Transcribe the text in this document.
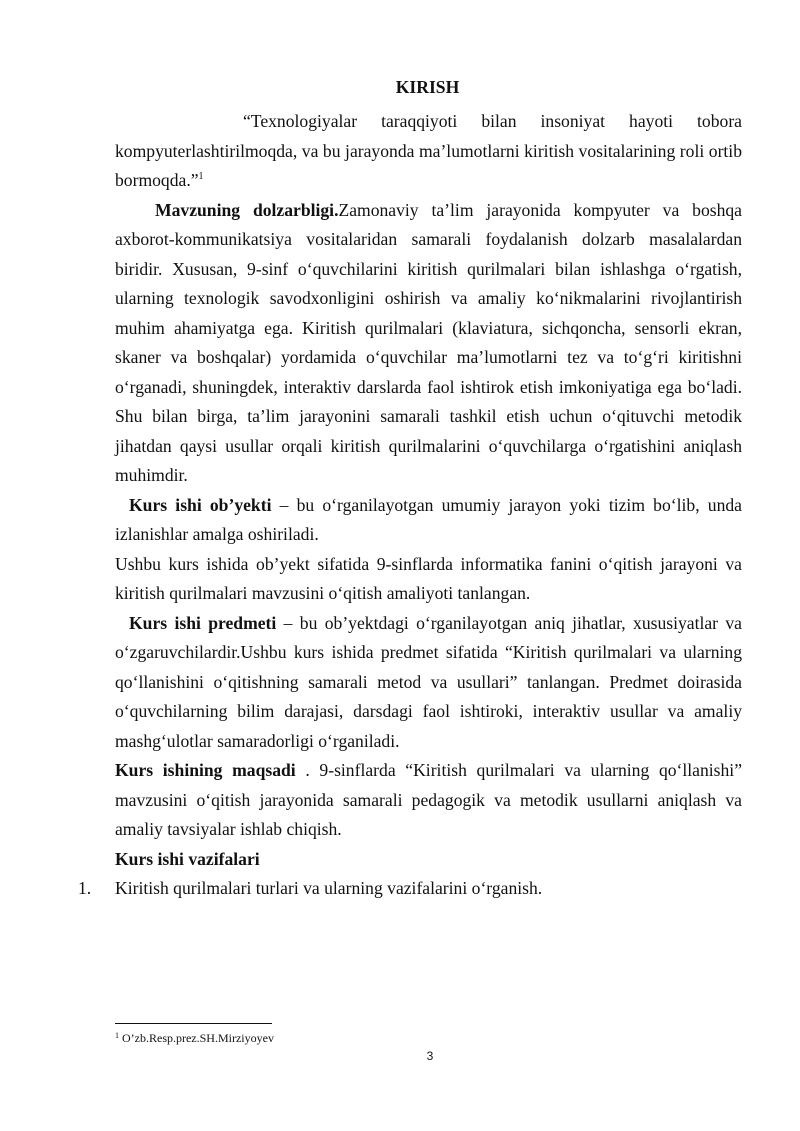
KIRISH

“Texnologiyalar taraqqiyoti bilan insoniyat hayoti tobora kompyuterlashtirilmoqda, va bu jarayonda ma’lumotlarni kiritish vositalarining roli ortib bormoqda.”$^1$

Mavzuning dolzarbligi.Zamonaviy ta’lim jarayonida kompyuter va boshqa axborot-kommunikatsiya vositalaridan samarali foydalanish dolzarb masalalardan biridir. Xususan, 9-sinf o‘quvchilarini kiritish qurilmalari bilan ishlashga o‘rgatish, ularning texnologik savodxonligini oshirish va amaliy ko‘nikmalarini rivojlantirish muhim ahamiyatga ega. Kiritish qurilmalari (klaviatura, sichqoncha, sensorli ekran, skaner va boshqalar) yordamida o‘quvchilar ma’lumotlarni tez va to‘g‘ri kiritishni o‘rganadi, shuningdek, interaktiv darslarda faol ishtirok etish imkoniyatiga ega bo‘ladi. Shu bilan birga, ta’lim jarayonini samarali tashkil etish uchun o‘qituvchi metodik jihatdan qaysi usullar orqali kiritish qurilmalarini o‘quvchilarga o‘rgatishini aniqlash muhimdir.

Kurs ishi ob’yekti – bu o‘rganilayotgan umumiy jarayon yoki tizim bo‘lib, unda izlanishlar amalga oshiriladi.

Ushbu kurs ishida ob’yekt sifatida 9-sinflarda informatika fanini o‘qitish jarayoni va kiritish qurilmalari mavzusini o‘qitish amaliyoti tanlangan.

Kurs ishi predmeti – bu ob’yektdagi o‘rganilayotgan aniq jihatlar, xususiyatlar va o‘zgaruvchilardir.Ushbu kurs ishida predmet sifatida “Kiritish qurilmalari va ularning qo‘llanishini o‘qitishning samarali metod va usullari” tanlangan. Predmet doirasida o‘quvchilarning bilim darajasi, darsdagi faol ishtiroki, interaktiv usullar va amaliy mashg‘ulotlar samaradorligi o‘rganiladi.

Kurs ishining maqsadi . 9-sinflarda “Kiritish qurilmalari va ularning qo‘llanishi” mavzusini o‘qitish jarayonida samarali pedagogik va metodik usullarni aniqlash va amaliy tavsiyalar ishlab chiqish.

Kurs ishi vazifalari

1. Kiritish qurilmalari turlari va ularning vazifalarini o‘rganish.

$^1$ O’zb.Resp.prez.SH.Mirziyoyev
3
